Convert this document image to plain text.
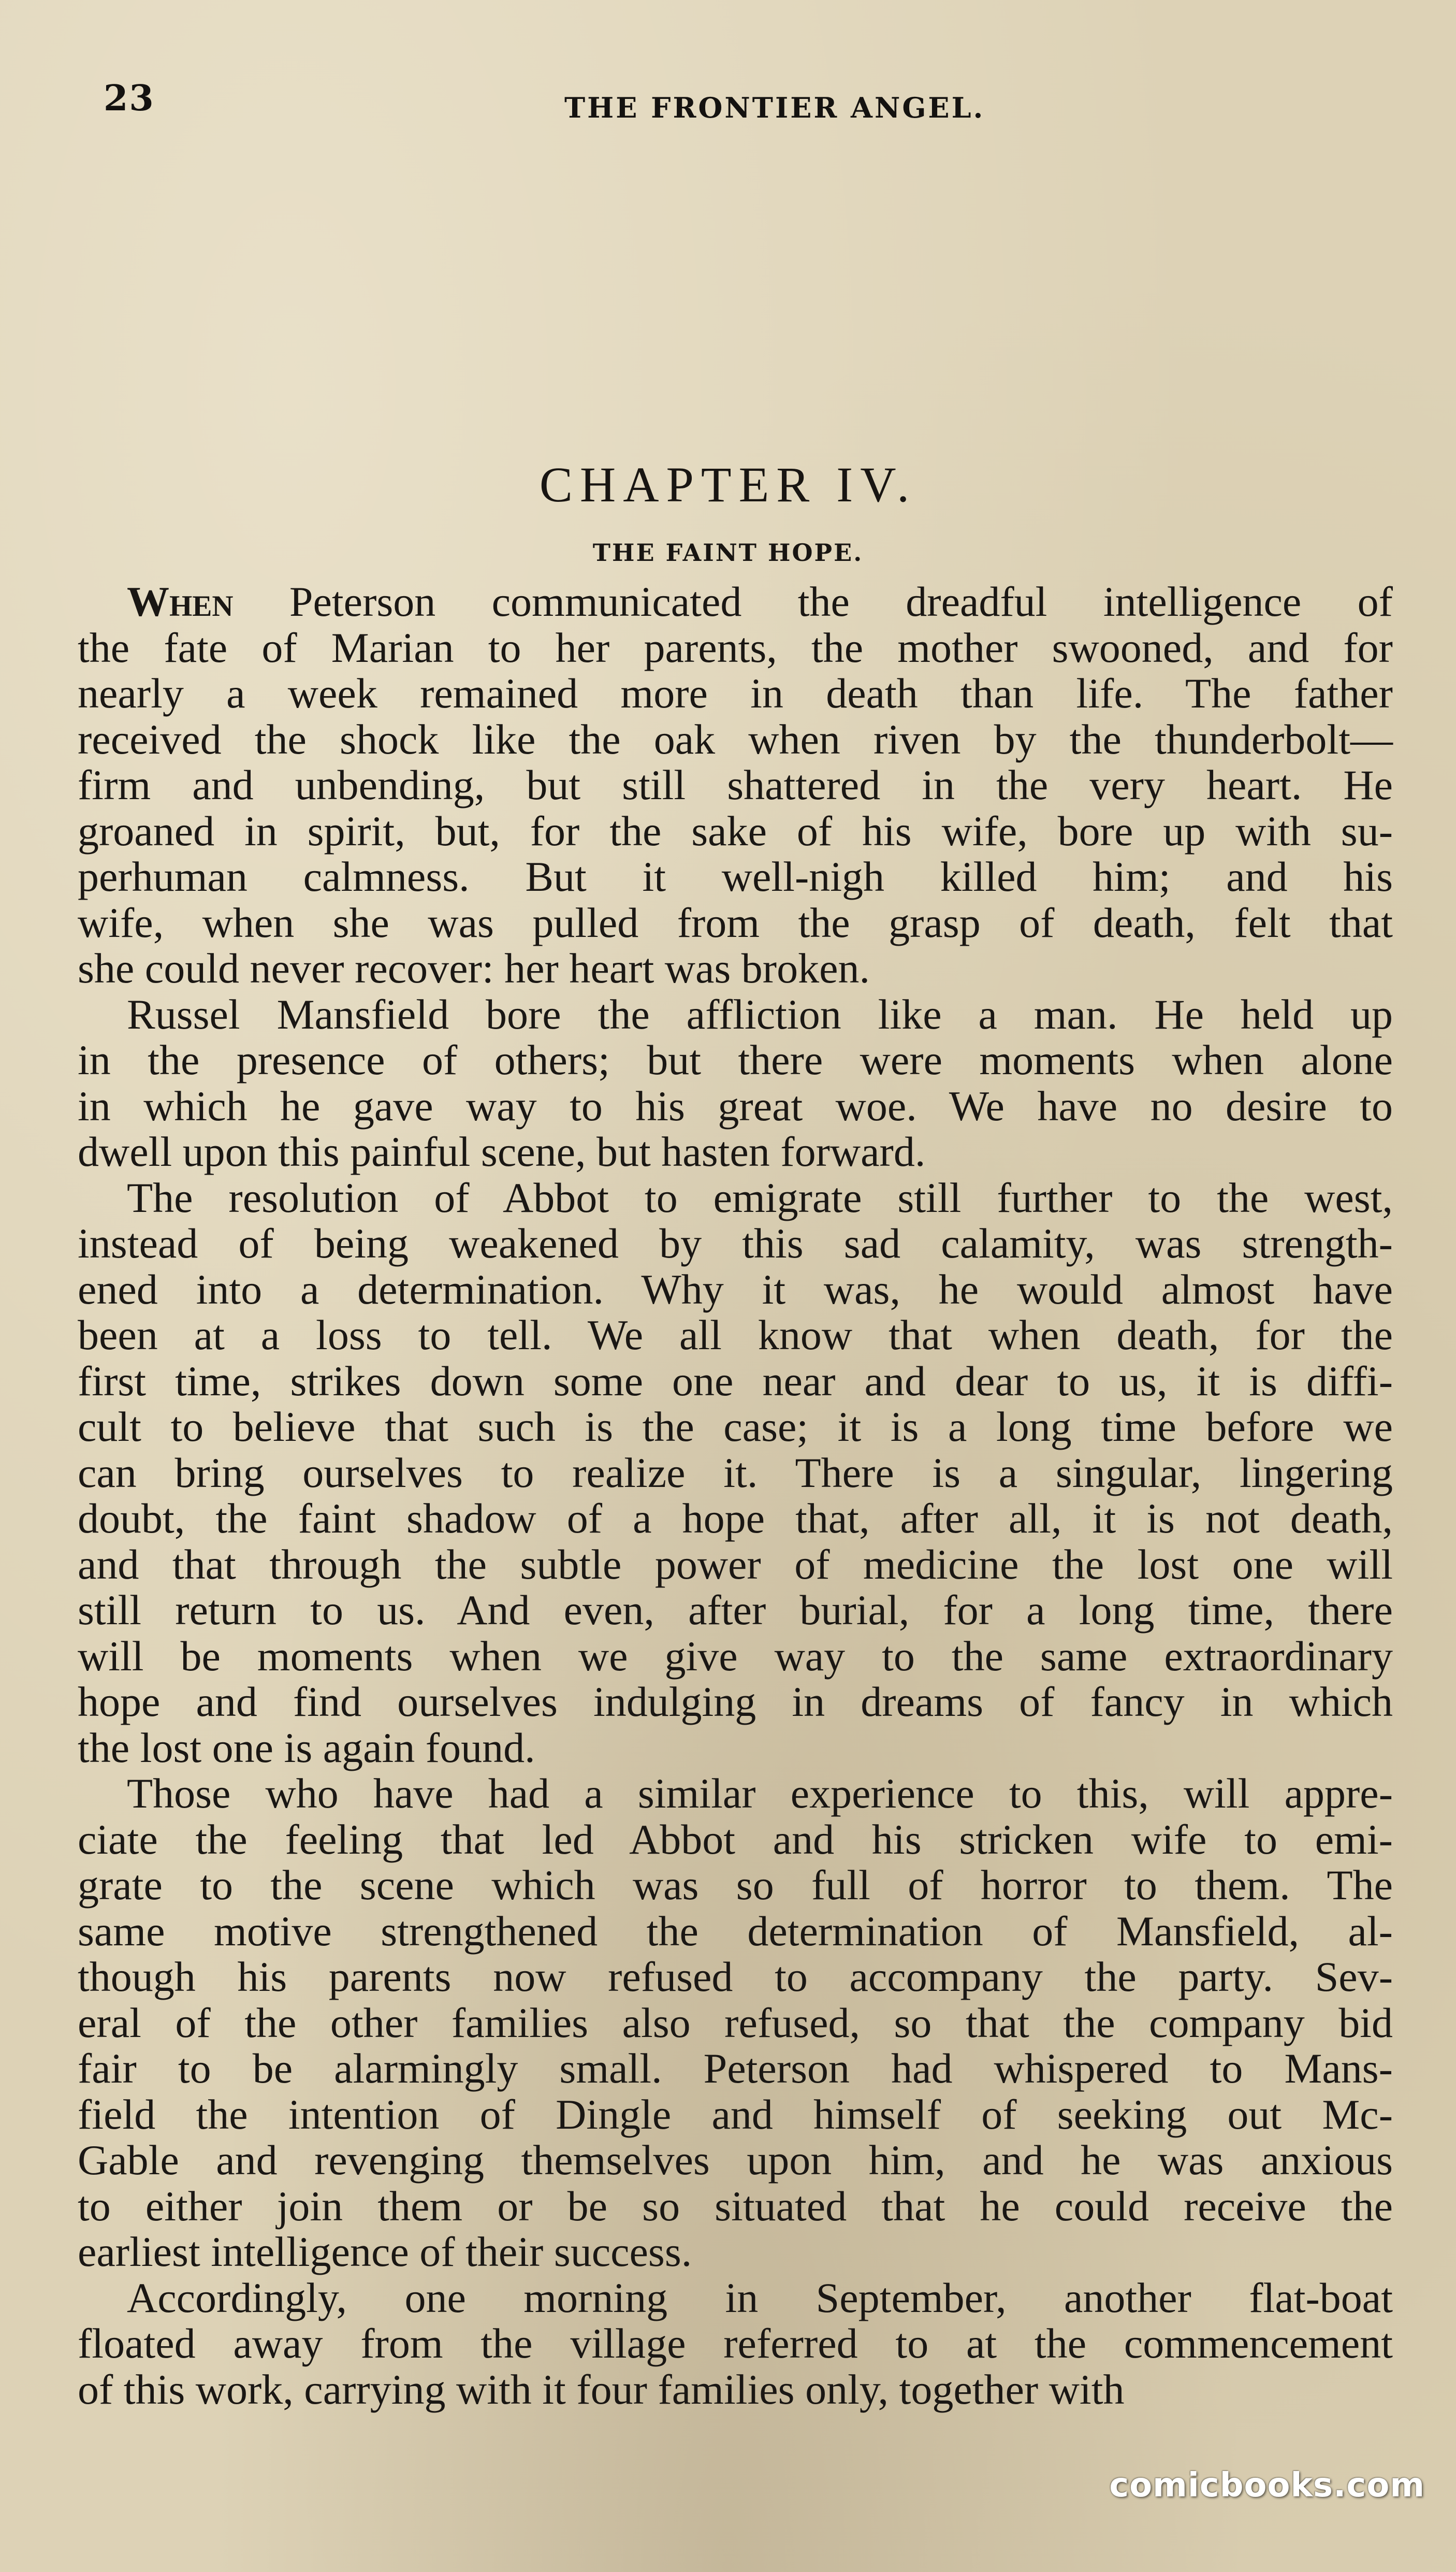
23	THE FRONTIER ANGEL.
CHAPTER IV.
THE FAINT HOPE.

When Peterson communicated the dreadful intelligence of
the fate of Marian to her parents, the mother swooned, and for
nearly a week remained more in death than life. The father
received the shock like the oak when riven by the thunderbolt—
firm and unbending, but still shattered in the very heart. He
groaned in spirit, but, for the sake of his wife, bore up with su-
perhuman calmness. But it well-nigh killed him; and his
wife, when she was pulled from the grasp of death, felt that
she could never recover: her heart was broken.

Russel Mansfield bore the affliction like a man. He held up
in the presence of others; but there were moments when alone
in which he gave way to his great woe. We have no desire to
dwell upon this painful scene, but hasten forward.

The resolution of Abbot to emigrate still further to the west,
instead of being weakened by this sad calamity, was strength-
ened into a determination. Why it was, he would almost have
been at a loss to tell. We all know that when death, for the
first time, strikes down some one near and dear to us, it is diffi-
cult to believe that such is the case; it is a long time before we
can bring ourselves to realize it. There is a singular, lingering
doubt, the faint shadow of a hope that, after all, it is not death,
and that through the subtle power of medicine the lost one will
still return to us. And even, after burial, for a long time, there
will be moments when we give way to the same extraordinary
hope and find ourselves indulging in dreams of fancy in which
the lost one is again found.

Those who have had a similar experience to this, will appre-
ciate the feeling that led Abbot and his stricken wife to emi-
grate to the scene which was so full of horror to them. The
same motive strengthened the determination of Mansfield, al-
though his parents now refused to accompany the party. Sev-
eral of the other families also refused, so that the company bid
fair to be alarmingly small. Peterson had whispered to Mans-
field the intention of Dingle and himself of seeking out Mc-
Gable and revenging themselves upon him, and he was anxious
to either join them or be so situated that he could receive the
earliest intelligence of their success.

Accordingly, one morning in September, another flat-boat
floated away from the village referred to at the commencement
of this work, carrying with it four families only, together with

comicbooks.com
